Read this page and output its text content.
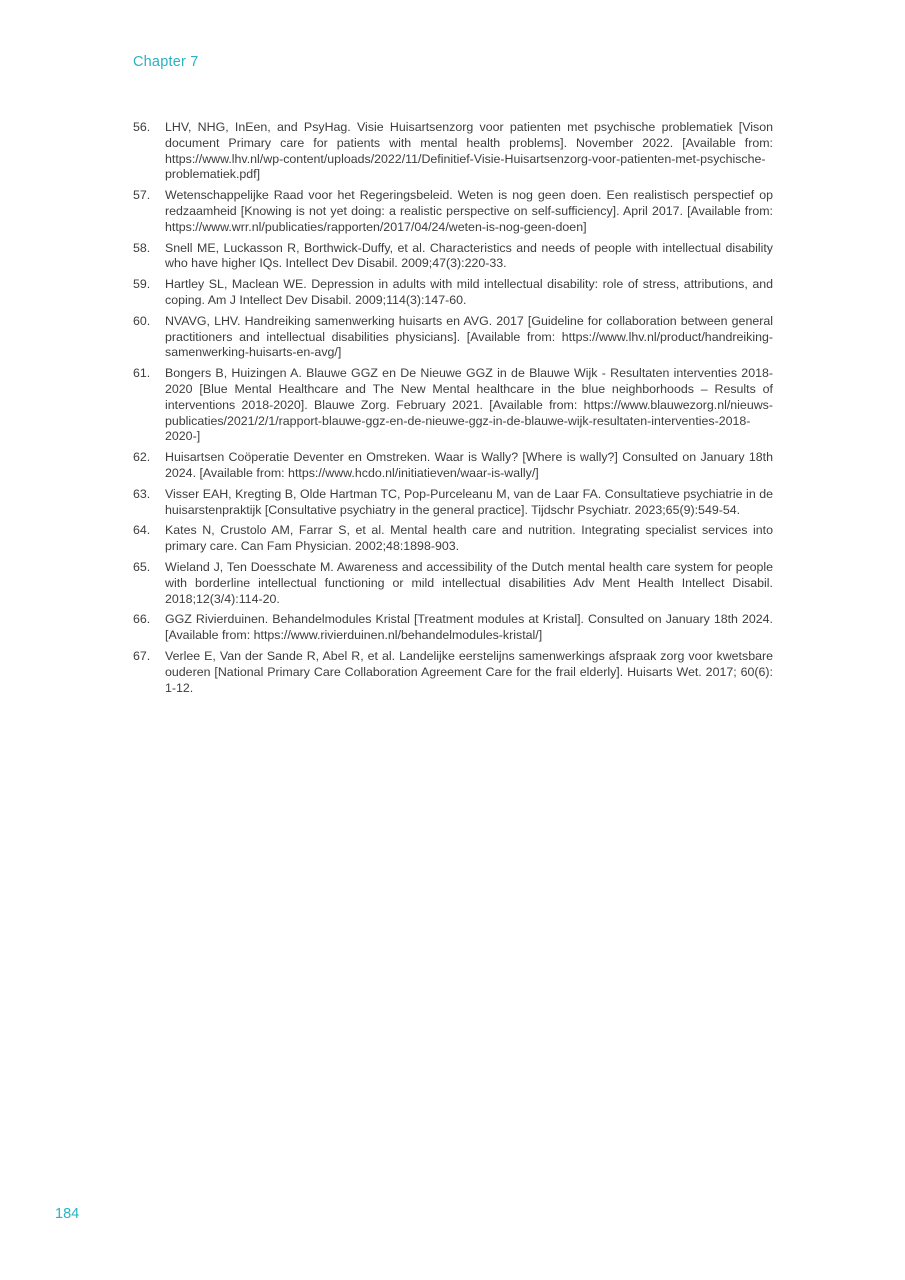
Chapter 7
56.	LHV, NHG, InEen, and PsyHag. Visie Huisartsenzorg voor patienten met psychische problematiek [Vison document Primary care for patients with mental health problems]. November 2022. [Available from: https://www.lhv.nl/wp-content/uploads/2022/11/Definitief-Visie-Huisartsenzorg-voor-patienten-met-psychische-problematiek.pdf]
57.	Wetenschappelijke Raad voor het Regeringsbeleid. Weten is nog geen doen. Een realistisch perspectief op redzaamheid [Knowing is not yet doing: a realistic perspective on self-sufficiency]. April 2017. [Available from: https://www.wrr.nl/publicaties/rapporten/2017/04/24/weten-is-nog-geen-doen]
58.	Snell ME, Luckasson R, Borthwick-Duffy, et al. Characteristics and needs of people with intellectual disability who have higher IQs. Intellect Dev Disabil. 2009;47(3):220-33.
59.	Hartley SL, Maclean WE. Depression in adults with mild intellectual disability: role of stress, attributions, and coping. Am J Intellect Dev Disabil. 2009;114(3):147-60.
60.	NVAVG, LHV. Handreiking samenwerking huisarts en AVG. 2017 [Guideline for collaboration between general practitioners and intellectual disabilities physicians]. [Available from: https://www.lhv.nl/product/handreiking-samenwerking-huisarts-en-avg/]
61.	Bongers B, Huizingen A. Blauwe GGZ en De Nieuwe GGZ in de Blauwe Wijk - Resultaten interventies 2018-2020 [Blue Mental Healthcare and The New Mental healthcare in the blue neighborhoods – Results of interventions 2018-2020]. Blauwe Zorg. February 2021. [Available from: https://www.blauwezorg.nl/nieuws-publicaties/2021/2/1/rapport-blauwe-ggz-en-de-nieuwe-ggz-in-de-blauwe-wijk-resultaten-interventies-2018-2020-]
62.	Huisartsen Coöperatie Deventer en Omstreken. Waar is Wally? [Where is wally?] Consulted on January 18th 2024. [Available from: https://www.hcdo.nl/initiatieven/waar-is-wally/]
63.	Visser EAH, Kregting B, Olde Hartman TC, Pop-Purceleanu M, van de Laar FA. Consultatieve psychiatrie in de huisarstenpraktijk [Consultative psychiatry in the general practice]. Tijdschr Psychiatr. 2023;65(9):549-54.
64.	Kates N, Crustolo AM, Farrar S, et al. Mental health care and nutrition. Integrating specialist services into primary care. Can Fam Physician. 2002;48:1898-903.
65.	Wieland J, Ten Doesschate M. Awareness and accessibility of the Dutch mental health care system for people with borderline intellectual functioning or mild intellectual disabilities Adv Ment Health Intellect Disabil. 2018;12(3/4):114-20.
66.	GGZ Rivierduinen. Behandelmodules Kristal [Treatment modules at Kristal]. Consulted on January 18th 2024. [Available from: https://www.rivierduinen.nl/behandelmodules-kristal/]
67.	Verlee E, Van der Sande R, Abel R, et al. Landelijke eerstelijns samenwerkings afspraak zorg voor kwetsbare ouderen [National Primary Care Collaboration Agreement Care for the frail elderly]. Huisarts Wet. 2017; 60(6): 1-12.
184
